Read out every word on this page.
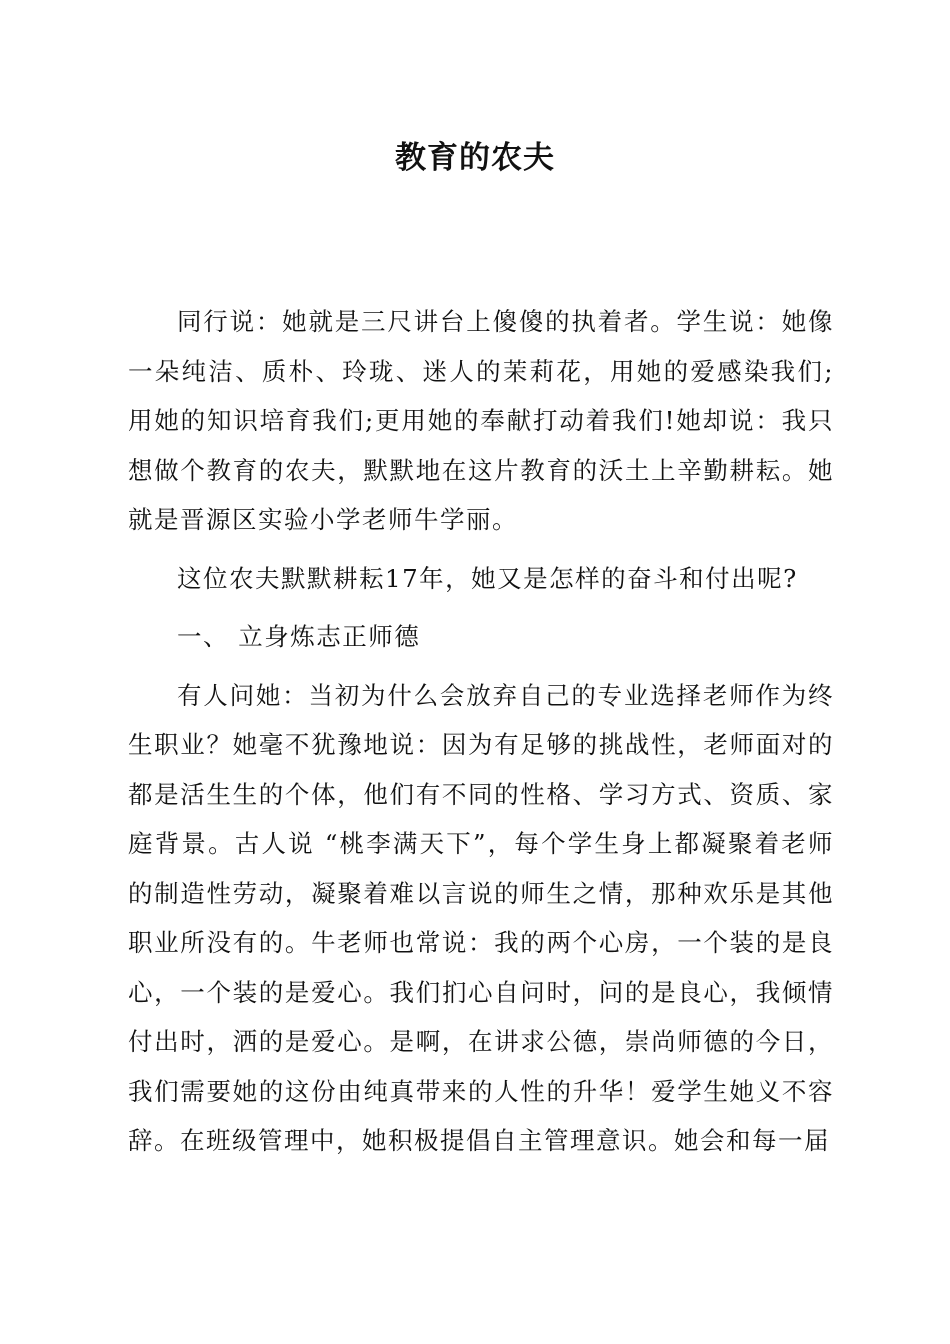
教育的农夫

同行说：她就是三尺讲台上傻傻的执着者。学生说：她像一朵纯洁、质朴、玲珑、迷人的茉莉花，用她的爱感染我们;用她的知识培育我们;更用她的奉献打动着我们!她却说：我只想做个教育的农夫，默默地在这片教育的沃土上辛勤耕耘。她就是晋源区实验小学老师牛学丽。

这位农夫默默耕耘17年，她又是怎样的奋斗和付出呢?

一、 立身炼志正师德

有人问她：当初为什么会放弃自己的专业选择老师作为终生职业？她毫不犹豫地说：因为有足够的挑战性，老师面对的都是活生生的个体，他们有不同的性格、学习方式、资质、家庭背景。古人说 “桃李满天下”，每个学生身上都凝聚着老师的制造性劳动，凝聚着难以言说的师生之情，那种欢乐是其他职业所没有的。牛老师也常说：我的两个心房，一个装的是良心，一个装的是爱心。我们扪心自问时，问的是良心，我倾情付出时，洒的是爱心。是啊，在讲求公德，崇尚师德的今日，我们需要她的这份由纯真带来的人性的升华！爱学生她义不容辞。在班级管理中，她积极提倡自主管理意识。她会和每一届
